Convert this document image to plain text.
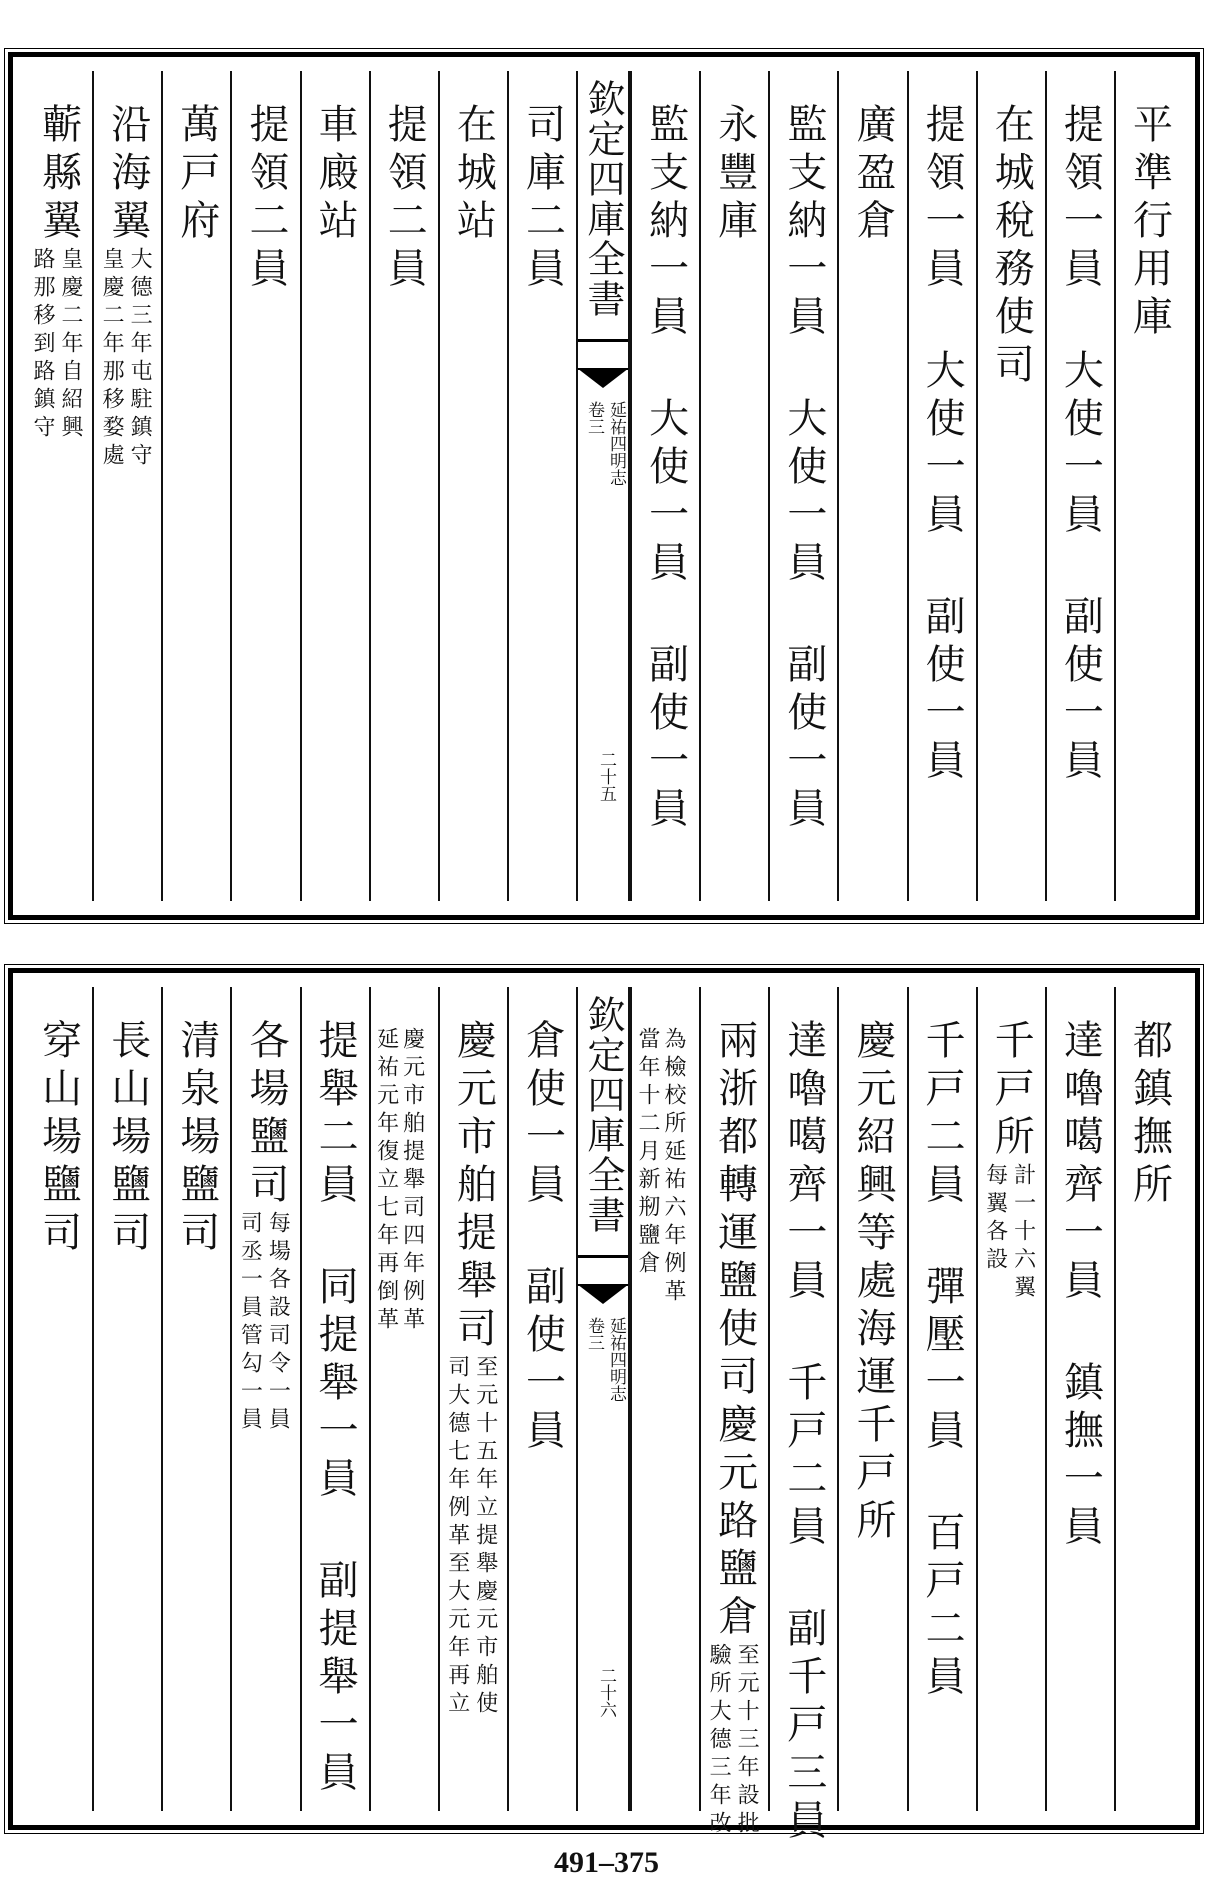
平準行用庫
提領一員 大使一員 副使一員
在城稅務使司
提領一員 大使一員 副使一員
廣盈倉
監支納一員 大使一員 副使一員
永豐庫
監支納一員 大使一員 副使一員
欽定四庫全書
延祐四明志
卷三
二十五
司庫二員
在城站
提領二員
車廄站
提領二員
萬戸府
沿海翼
大德三年屯駐鎮守
皇慶二年那移婺處
蘄縣翼
皇慶二年自紹興
路那移到路鎮守
都鎮撫所
達嚕噶齊一員 鎮撫一員
千戸所
計一十六翼
每翼各設
千戸二員 彈壓一員 百戸二員
慶元紹興等處海運千戸所
達嚕噶齊一員 千戸二員 副千戸三員
兩浙都轉運鹽使司慶元路鹽倉
至元十三年設批
驗所大德三年改
為檢校所延祐六年例革
當年十二月新剏鹽倉
欽定四庫全書
延祐四明志
卷三
二十六
倉使一員 副使一員
慶元市舶提舉司
至元十五年立提舉慶元市舶使
司大德七年例革至大元年再立
慶元市舶提舉司四年例革
延祐元年復立七年再倒革
提舉二員 同提舉一員 副提舉一員
各場鹽司
每場各設司令一員
司丞一員管勾一員
清泉場鹽司
長山場鹽司
穿山場鹽司
491–375
